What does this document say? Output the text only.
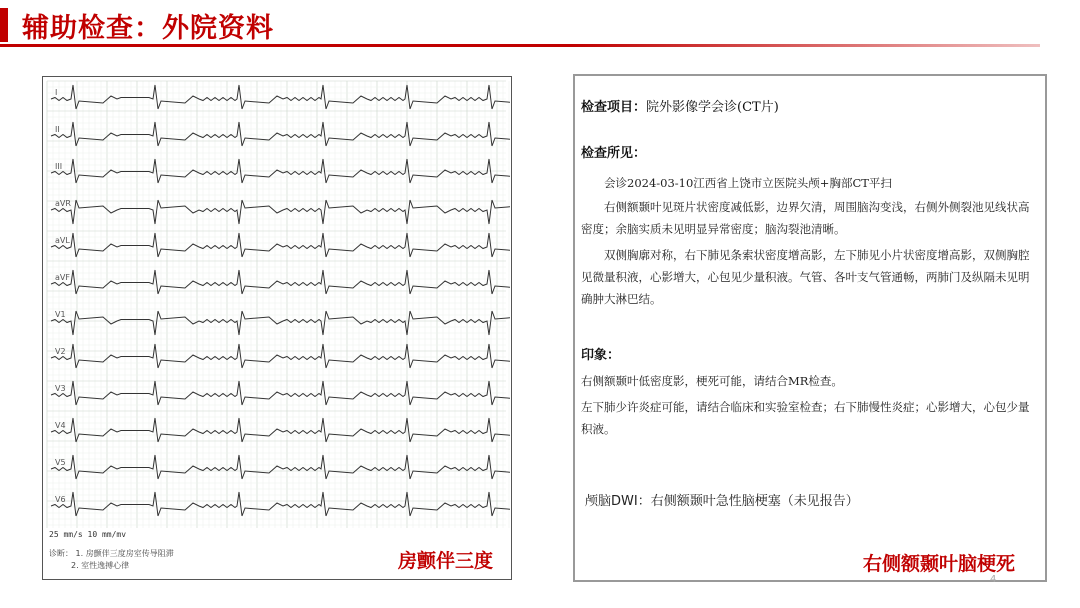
辅助检查：外院资料
I
II
III
aVR
aVL
aVF
V1
V2
V3
V4
V5
V6
25 mm/s 10 mm/mv
诊断： 1. 房颤伴三度房室传导阻滞
2. 室性逸搏心律	房颤伴三度
检查项目：院外影像学会诊(CT片)
检查所见：
会诊2024-03-10江西省上饶市立医院头颅+胸部CT平扫
右侧额颞叶见斑片状密度减低影，边界欠清，周围脑沟变浅，右侧外侧裂池见线状高密度；余脑实质未见明显异常密度；脑沟裂池清晰。
双侧胸廓对称，右下肺见条索状密度增高影，左下肺见小片状密度增高影，双侧胸腔见微量积液，心影增大，心包见少量积液。气管、各叶支气管通畅，两肺门及纵隔未见明确肿大淋巴结。
印象：
右侧额颞叶低密度影，梗死可能，请结合MR检查。
左下肺少许炎症可能，请结合临床和实验室检查；右下肺慢性炎症；心影增大，心包少量积液。
颅脑DWI：右侧额颞叶急性脑梗塞（未见报告）
右侧额颞叶脑梗死
4
